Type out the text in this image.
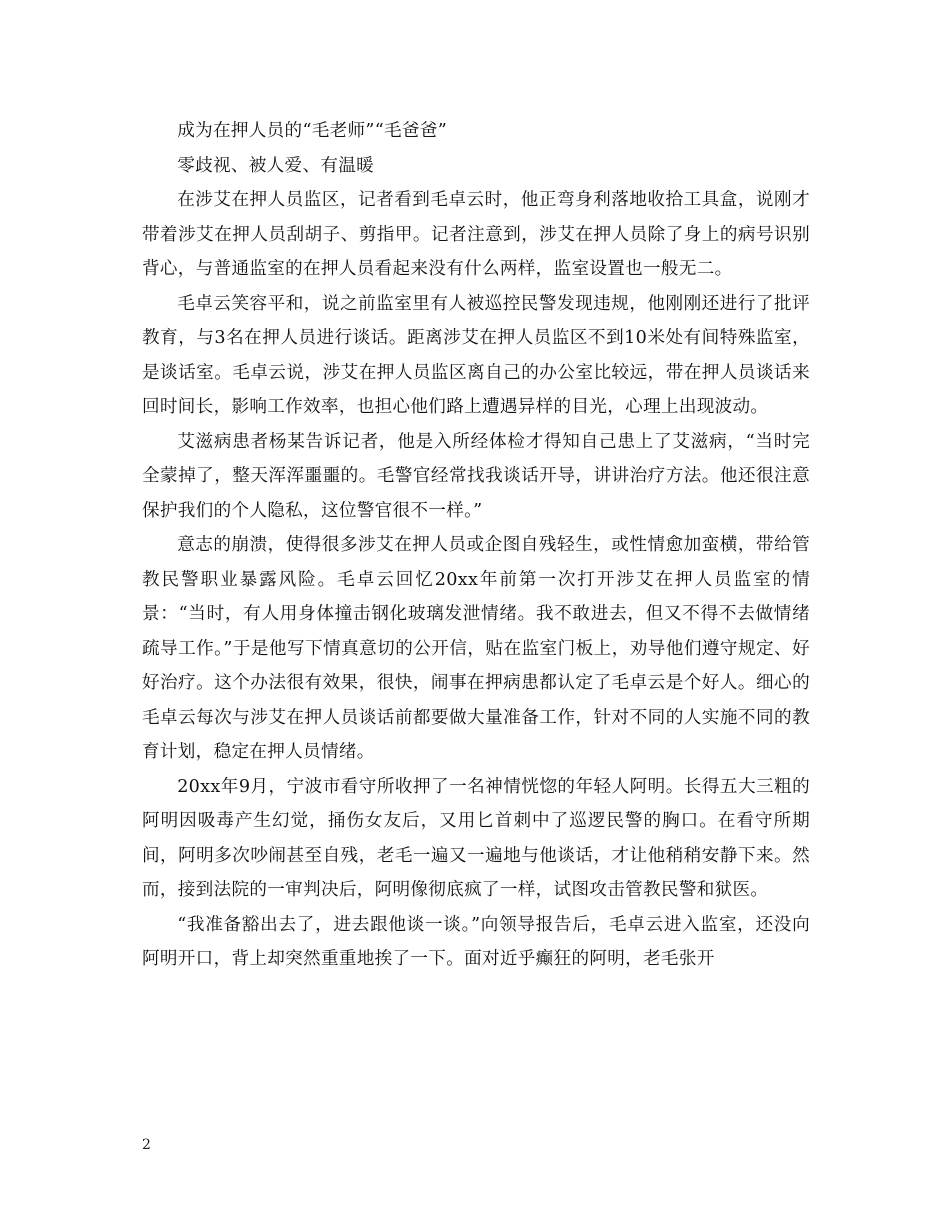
成为在押人员的“毛老师”“毛爸爸”

零歧视、被人爱、有温暖

在涉艾在押人员监区，记者看到毛卓云时，他正弯身利落地收拾工具盒，说刚才带着涉艾在押人员刮胡子、剪指甲。记者注意到，涉艾在押人员除了身上的病号识别背心，与普通监室的在押人员看起来没有什么两样，监室设置也一般无二。

毛卓云笑容平和，说之前监室里有人被巡控民警发现违规，他刚刚还进行了批评教育，与3名在押人员进行谈话。距离涉艾在押人员监区不到10米处有间特殊监室，是谈话室。毛卓云说，涉艾在押人员监区离自己的办公室比较远，带在押人员谈话来回时间长，影响工作效率，也担心他们路上遭遇异样的目光，心理上出现波动。

艾滋病患者杨某告诉记者，他是入所经体检才得知自己患上了艾滋病，“当时完全蒙掉了，整天浑浑噩噩的。毛警官经常找我谈话开导，讲讲治疗方法。他还很注意保护我们的个人隐私，这位警官很不一样。”

意志的崩溃，使得很多涉艾在押人员或企图自残轻生，或性情愈加蛮横，带给管教民警职业暴露风险。毛卓云回忆20xx年前第一次打开涉艾在押人员监室的情景：“当时，有人用身体撞击钢化玻璃发泄情绪。我不敢进去，但又不得不去做情绪疏导工作。”于是他写下情真意切的公开信，贴在监室门板上，劝导他们遵守规定、好好治疗。这个办法很有效果，很快，闹事在押病患都认定了毛卓云是个好人。细心的毛卓云每次与涉艾在押人员谈话前都要做大量准备工作，针对不同的人实施不同的教育计划，稳定在押人员情绪。

20xx年9月，宁波市看守所收押了一名神情恍惚的年轻人阿明。长得五大三粗的阿明因吸毒产生幻觉，捅伤女友后，又用匕首刺中了巡逻民警的胸口。在看守所期间，阿明多次吵闹甚至自残，老毛一遍又一遍地与他谈话，才让他稍稍安静下来。然而，接到法院的一审判决后，阿明像彻底疯了一样，试图攻击管教民警和狱医。

“我准备豁出去了，进去跟他谈一谈。”向领导报告后，毛卓云进入监室，还没向阿明开口，背上却突然重重地挨了一下。面对近乎癫狂的阿明，老毛张开

2
